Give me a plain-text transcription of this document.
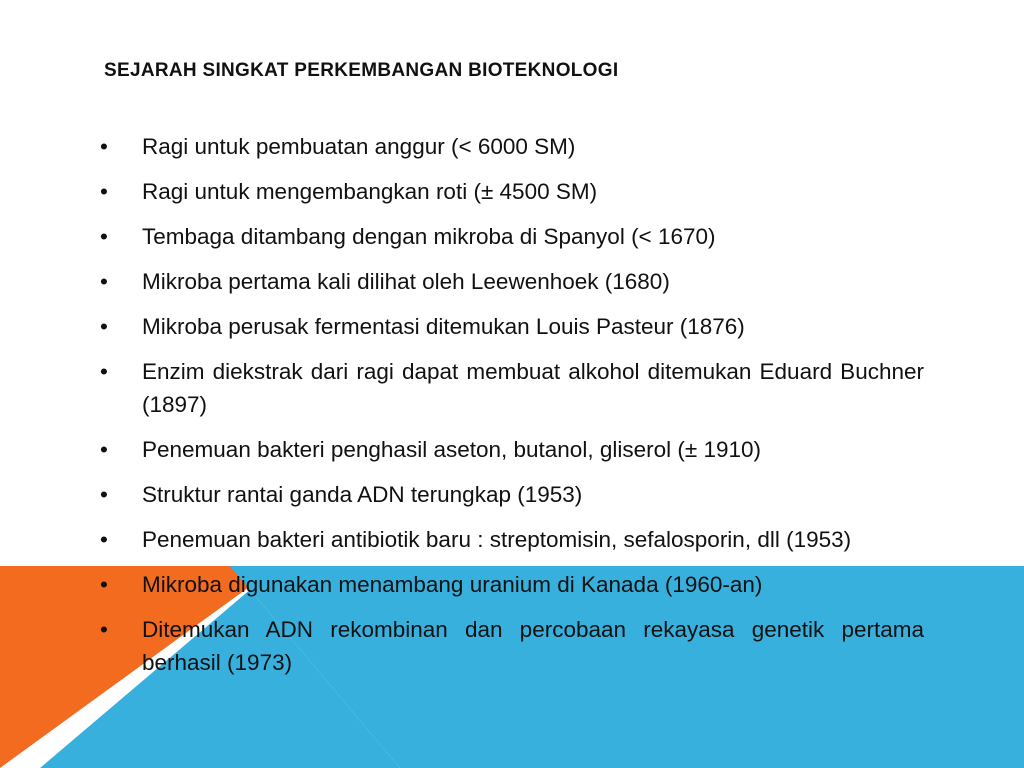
SEJARAH SINGKAT PERKEMBANGAN BIOTEKNOLOGI
• Ragi untuk pembuatan anggur (< 6000 SM)
• Ragi untuk mengembangkan roti (± 4500 SM)
• Tembaga ditambang dengan mikroba di Spanyol (< 1670)
• Mikroba pertama kali dilihat oleh Leewenhoek (1680)
• Mikroba perusak fermentasi ditemukan Louis Pasteur (1876)
• Enzim diekstrak dari ragi dapat membuat alkohol ditemukan Eduard Buchner (1897)
• Penemuan bakteri penghasil aseton, butanol, gliserol (± 1910)
• Struktur rantai ganda ADN terungkap (1953)
• Penemuan bakteri antibiotik baru : streptomisin, sefalosporin, dll (1953)
• Mikroba digunakan menambang uranium di Kanada (1960-an)
• Ditemukan ADN rekombinan dan percobaan rekayasa genetik pertama berhasil (1973)
